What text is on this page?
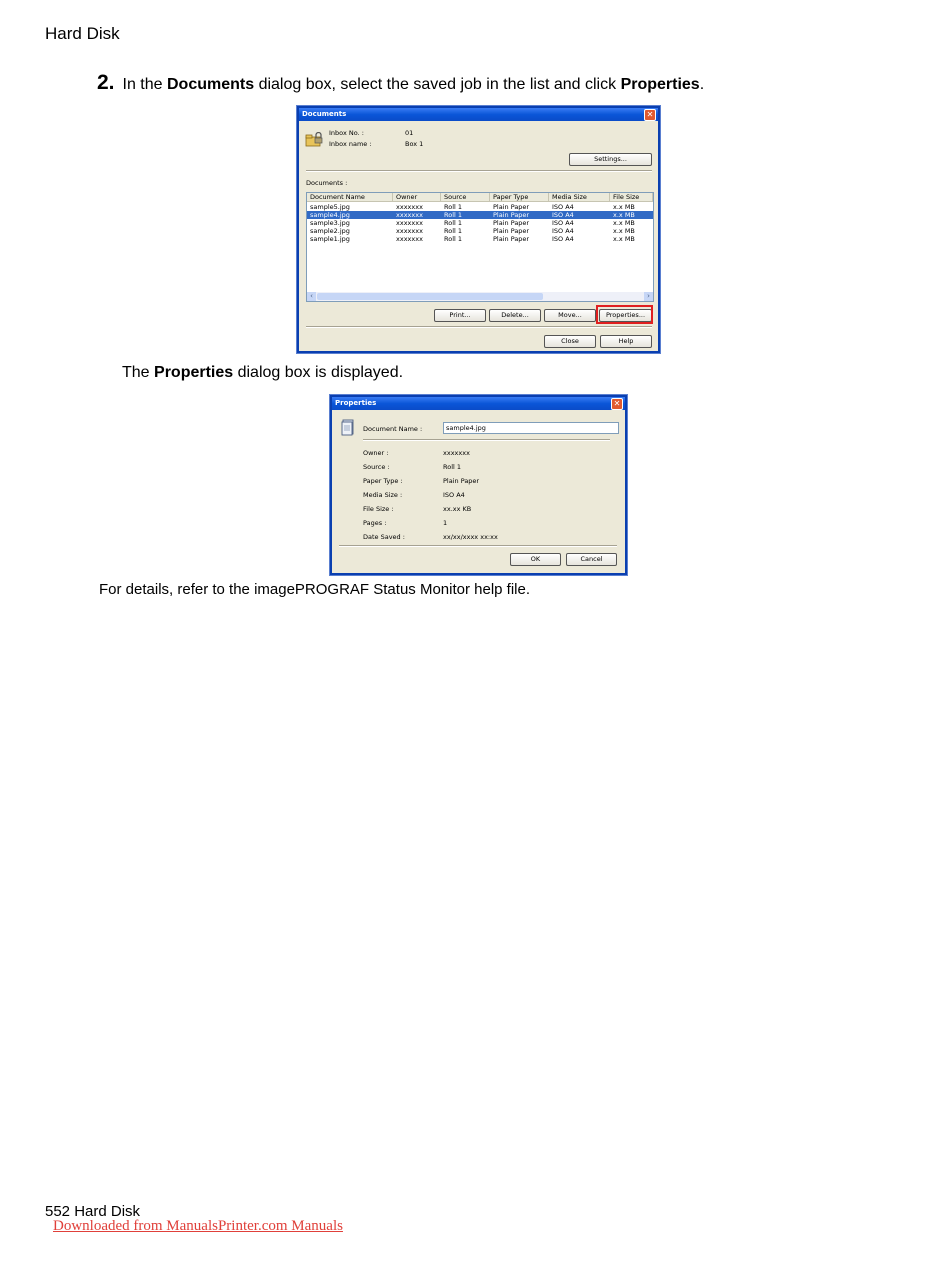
Hard Disk
2. In the Documents dialog box, select the saved job in the list and click Properties.
Documents	✕
Inbox No. :	01
Inbox name :	Box 1
Settings...
Documents :
Document Name	Owner	Source	Paper Type	Media Size	File Size
sample5.jpg	xxxxxxx	Roll 1	Plain Paper	ISO A4	x.x MB
sample4.jpg	xxxxxxx	Roll 1	Plain Paper	ISO A4	x.x MB
sample3.jpg	xxxxxxx	Roll 1	Plain Paper	ISO A4	x.x MB
sample2.jpg	xxxxxxx	Roll 1	Plain Paper	ISO A4	x.x MB
sample1.jpg	xxxxxxx	Roll 1	Plain Paper	ISO A4	x.x MB
‹	›
Print...	Delete...	Move...	Properties...
Close	Help
The Properties dialog box is displayed.
Properties	✕
Document Name :	sample4.jpg
Owner :	xxxxxxx
Source :	Roll 1
Paper Type :	Plain Paper
Media Size :	ISO A4
File Size :	xx.xx KB
Pages :	1
Date Saved :	xx/xx/xxxx xx:xx
OK	Cancel
For details, refer to the imagePROGRAF Status Monitor help file.
552 Hard Disk
Downloaded from ManualsPrinter.com Manuals
